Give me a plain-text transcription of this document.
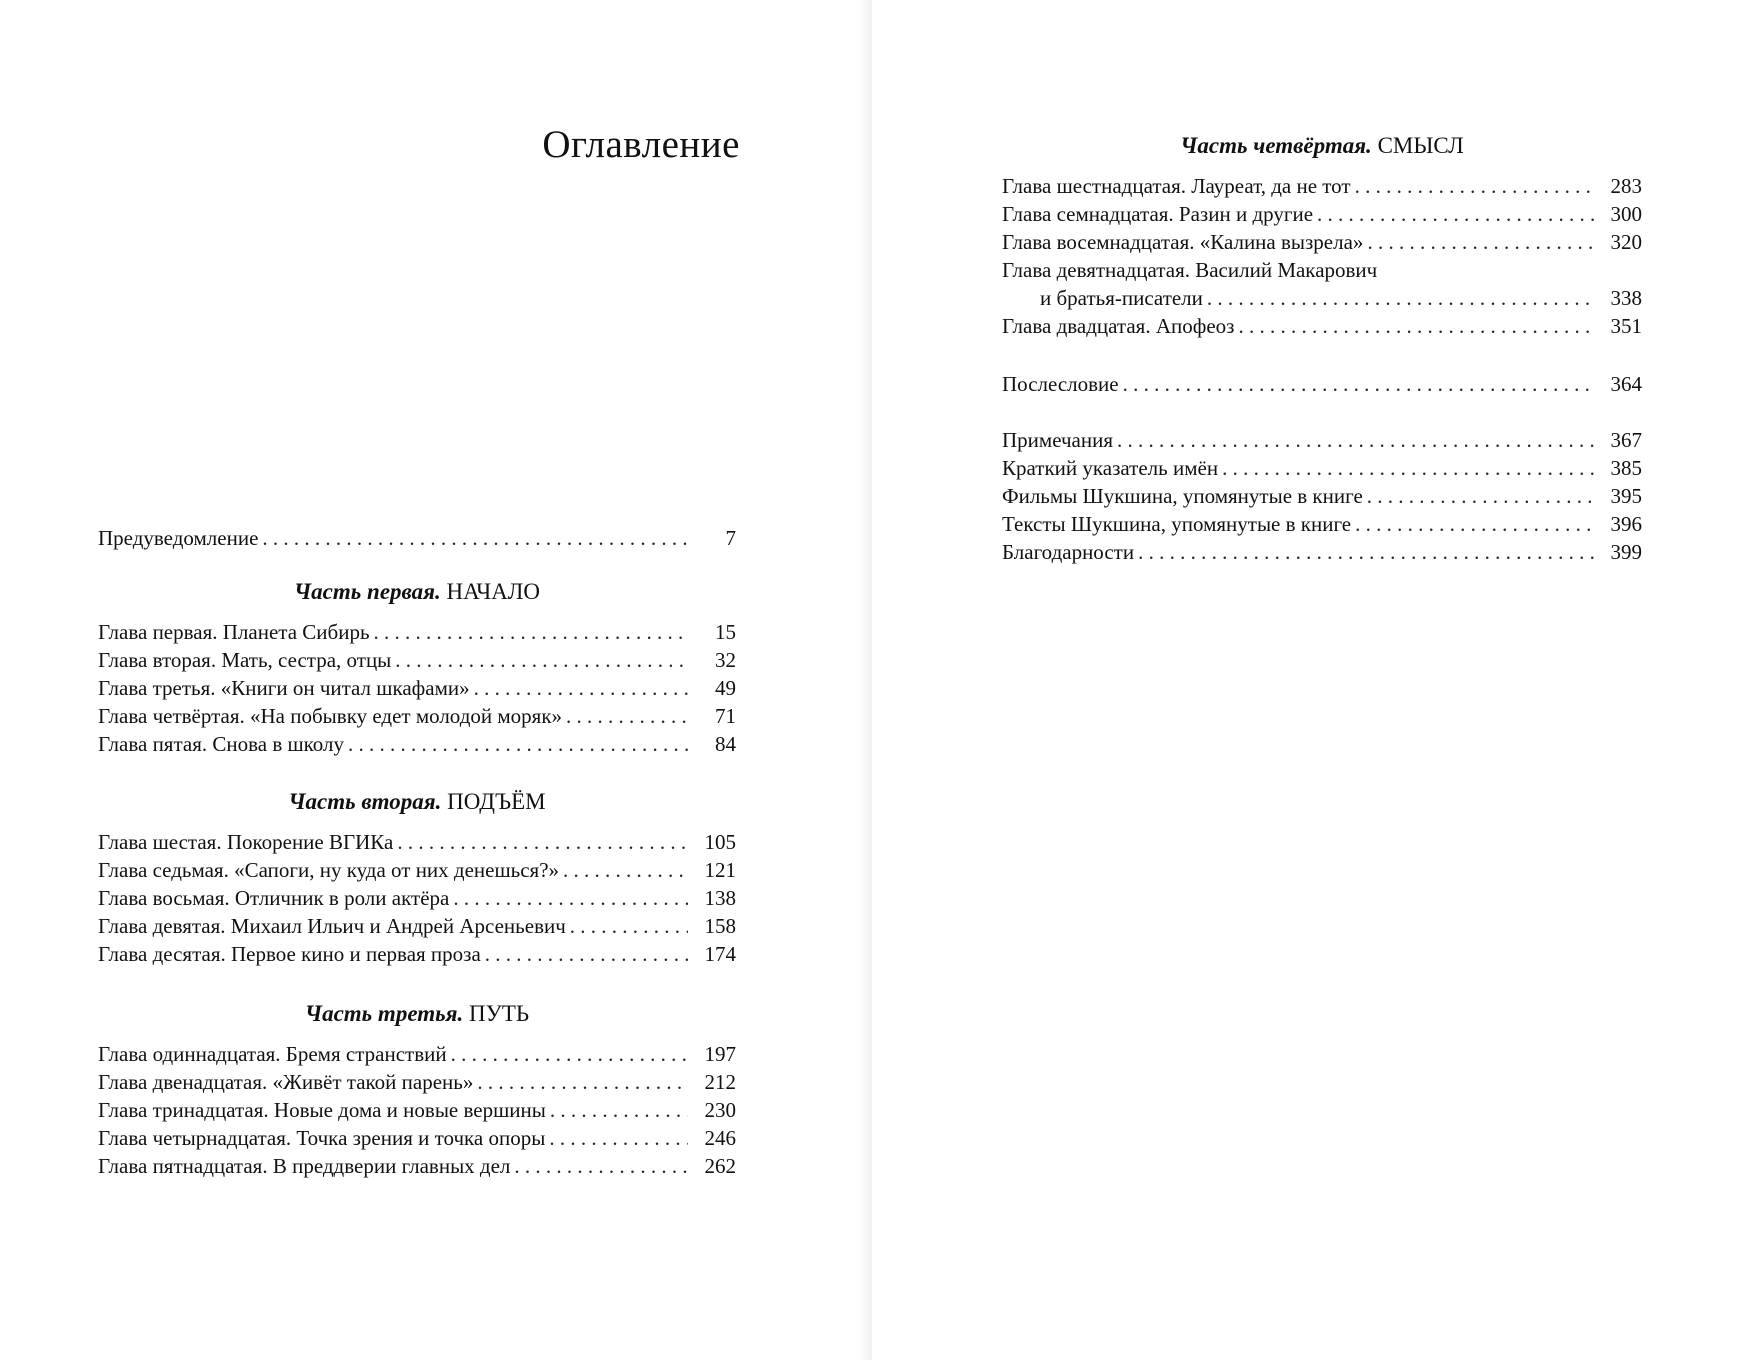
Оглавление
Предуведомление . . .	7
Часть первая. НАЧАЛО
Глава первая. Планета Сибирь . . .	15
Глава вторая. Мать, сестра, отцы . . .	32
Глава третья. «Книги он читал шкафами» . . .	49
Глава четвёртая. «На побывку едет молодой моряк» . . .	71
Глава пятая. Снова в школу . . .	84
Часть вторая. ПОДЪЁМ
Глава шестая. Покорение ВГИКа . . .	105
Глава седьмая. «Сапоги, ну куда от них денешься?» . . .	121
Глава восьмая. Отличник в роли актёра . . .	138
Глава девятая. Михаил Ильич и Андрей Арсеньевич . . .	158
Глава десятая. Первое кино и первая проза . . .	174
Часть третья. ПУТЬ
Глава одиннадцатая. Бремя странствий . . .	197
Глава двенадцатая. «Живёт такой парень» . . .	212
Глава тринадцатая. Новые дома и новые вершины . . .	230
Глава четырнадцатая. Точка зрения и точка опоры . . .	246
Глава пятнадцатая. В преддверии главных дел . . .	262
Часть четвёртая. СМЫСЛ
Глава шестнадцатая. Лауреат, да не тот . . .	283
Глава семнадцатая. Разин и другие . . .	300
Глава восемнадцатая. «Калина вызрела» . . .	320
Глава девятнадцатая. Василий Макарович
и братья-писатели . . .	338
Глава двадцатая. Апофеоз . . .	351
Послесловие . . .	364
Примечания . . .	367
Краткий указатель имён . . .	385
Фильмы Шукшина, упомянутые в книге . . .	395
Тексты Шукшина, упомянутые в книге . . .	396
Благодарности . . .	399
